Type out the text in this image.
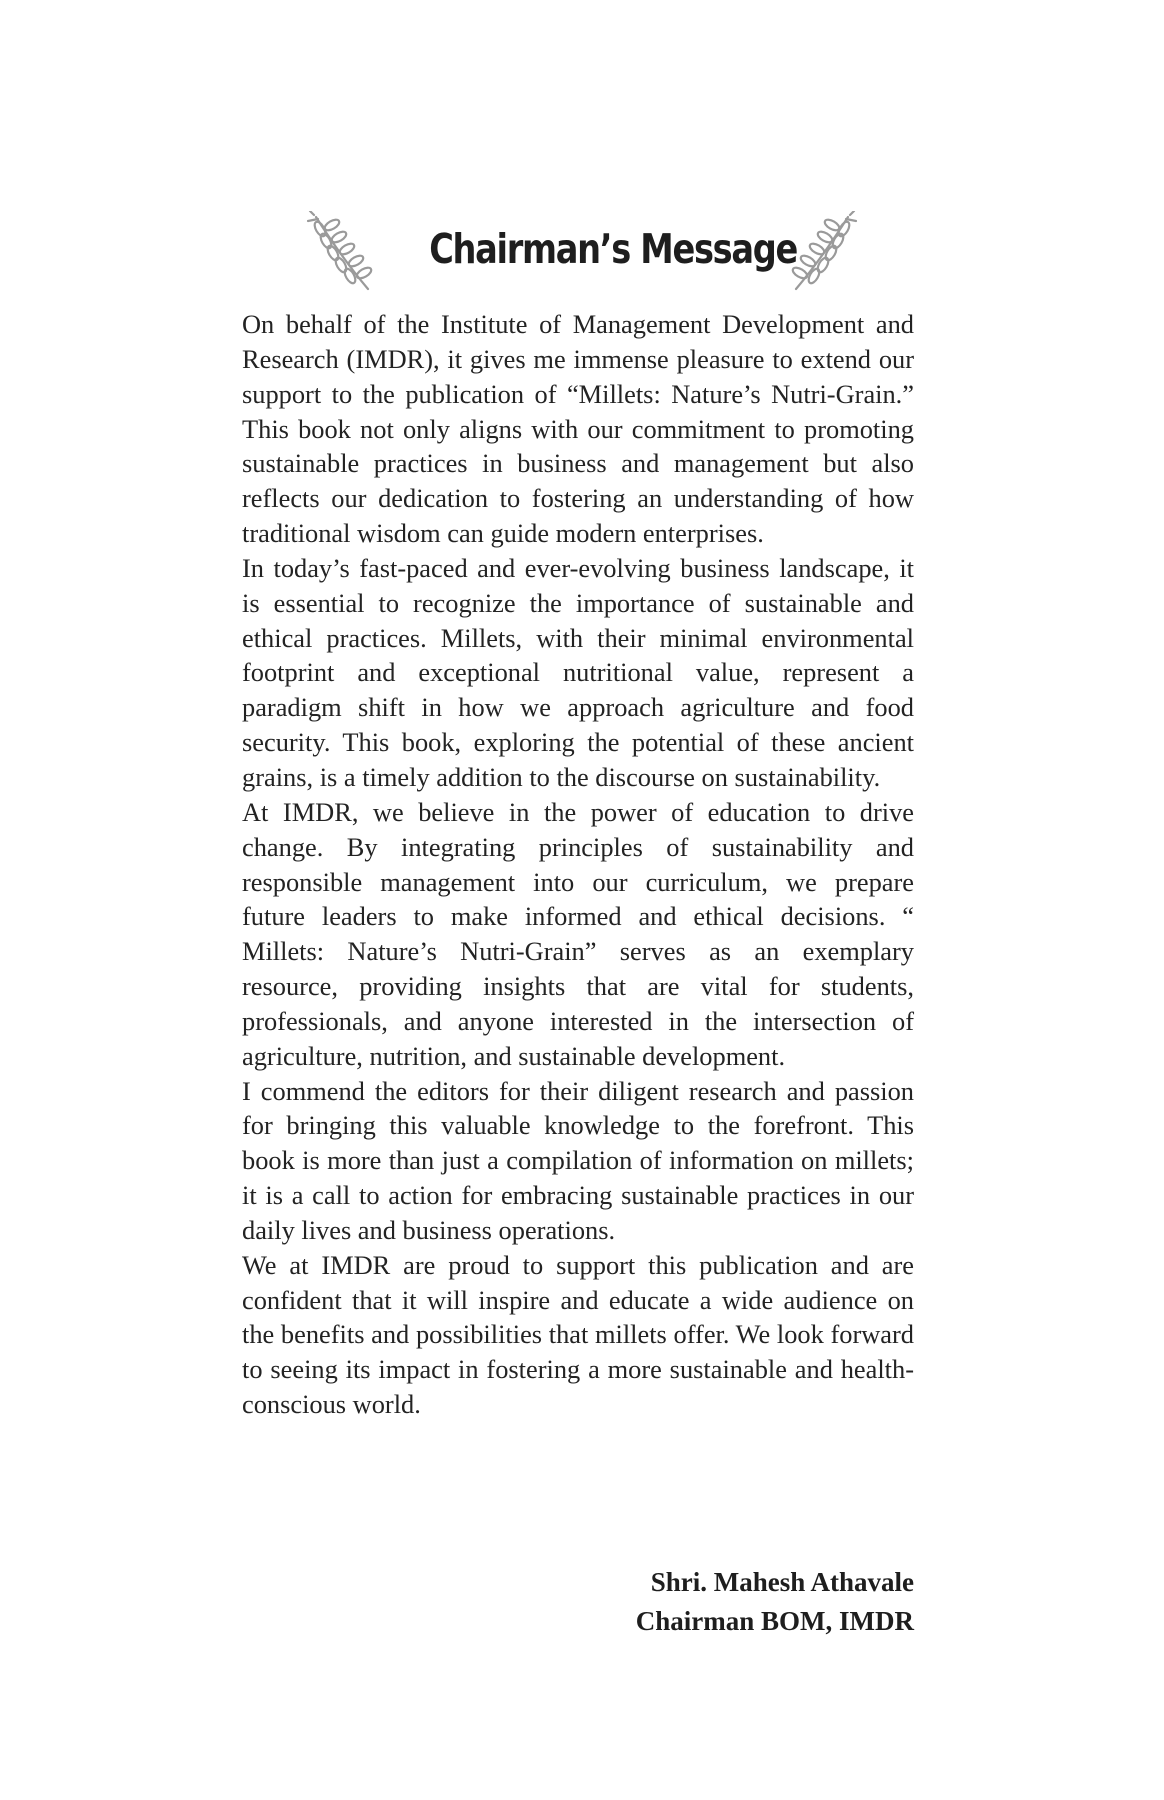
Chairman’s Message

On behalf of the Institute of Management Development and Research (IMDR), it gives me immense pleasure to extend our support to the publication of “Millets: Nature’s Nutri-Grain.” This book not only aligns with our commitment to promoting sustainable practices in business and management but also reflects our dedication to fostering an understanding of how traditional wisdom can guide modern enterprises.

In today’s fast-paced and ever-evolving business landscape, it is essential to recognize the importance of sustainable and ethical practices. Millets, with their minimal environmental footprint and exceptional nutritional value, represent a paradigm shift in how we approach agriculture and food security. This book, exploring the potential of these ancient grains, is a timely addition to the discourse on sustainability.

At IMDR, we believe in the power of education to drive change. By integrating principles of sustainability and responsible management into our curriculum, we prepare future leaders to make informed and ethical decisions. “ Millets: Nature’s Nutri-Grain” serves as an exemplary resource, providing insights that are vital for students, professionals, and anyone interested in the intersection of agriculture, nutrition, and sustainable development.

I commend the editors for their diligent research and passion for bringing this valuable knowledge to the forefront. This book is more than just a compilation of information on millets; it is a call to action for embracing sustainable practices in our daily lives and business operations.

We at IMDR are proud to support this publication and are confident that it will inspire and educate a wide audience on the benefits and possibilities that millets offer. We look forward to seeing its impact in fostering a more sustainable and health-conscious world.

Shri. Mahesh Athavale
Chairman BOM, IMDR
